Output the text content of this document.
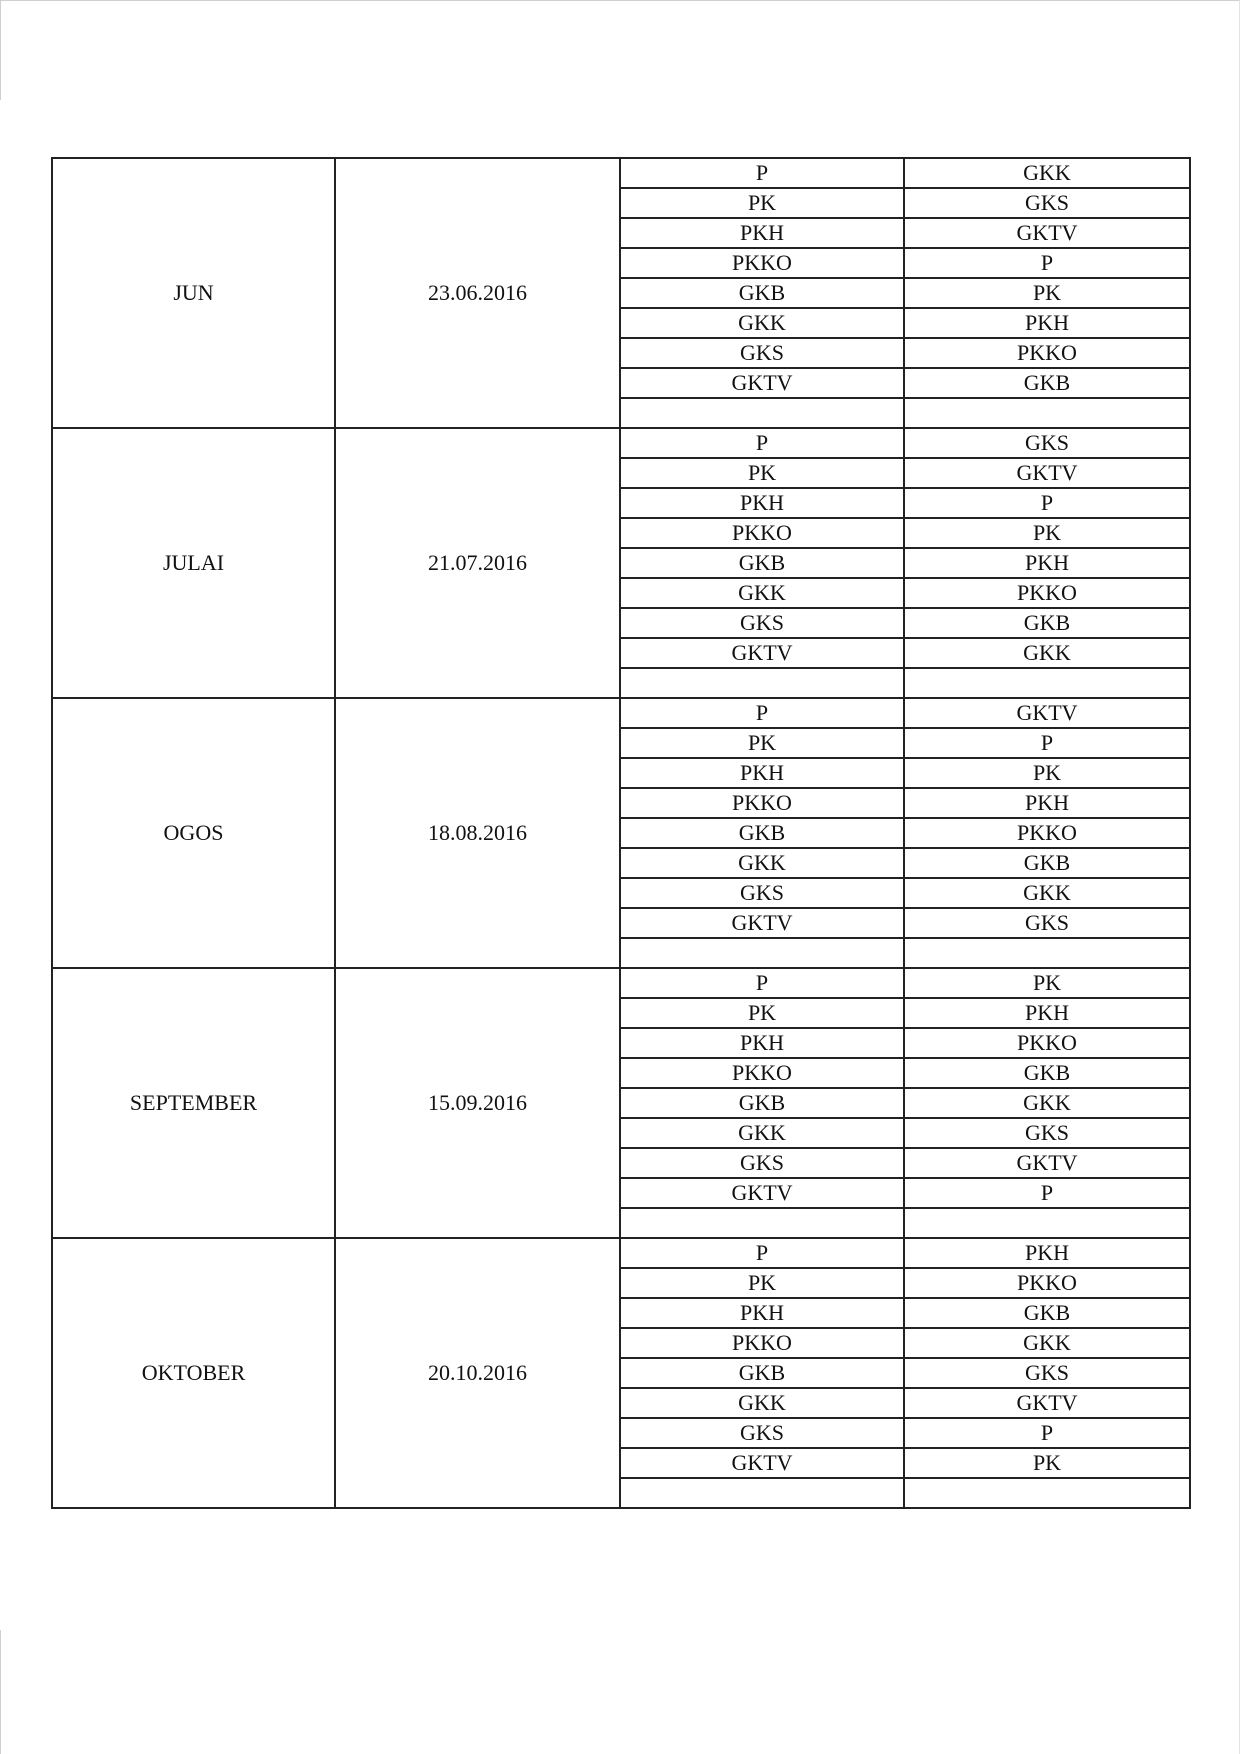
JUN	23.06.2016	P	GKK
		PK	GKS
		PKH	GKTV
		PKKO	P
		GKB	PK
		GKK	PKH
		GKS	PKKO
		GKTV	GKB

JULAI	21.07.2016	P	GKS
		PK	GKTV
		PKH	P
		PKKO	PK
		GKB	PKH
		GKK	PKKO
		GKS	GKB
		GKTV	GKK

OGOS	18.08.2016	P	GKTV
		PK	P
		PKH	PK
		PKKO	PKH
		GKB	PKKO
		GKK	GKB
		GKS	GKK
		GKTV	GKS

SEPTEMBER	15.09.2016	P	PK
		PK	PKH
		PKH	PKKO
		PKKO	GKB
		GKB	GKK
		GKK	GKS
		GKS	GKTV
		GKTV	P

OKTOBER	20.10.2016	P	PKH
		PK	PKKO
		PKH	GKB
		PKKO	GKK
		GKB	GKS
		GKK	GKTV
		GKS	P
		GKTV	PK
